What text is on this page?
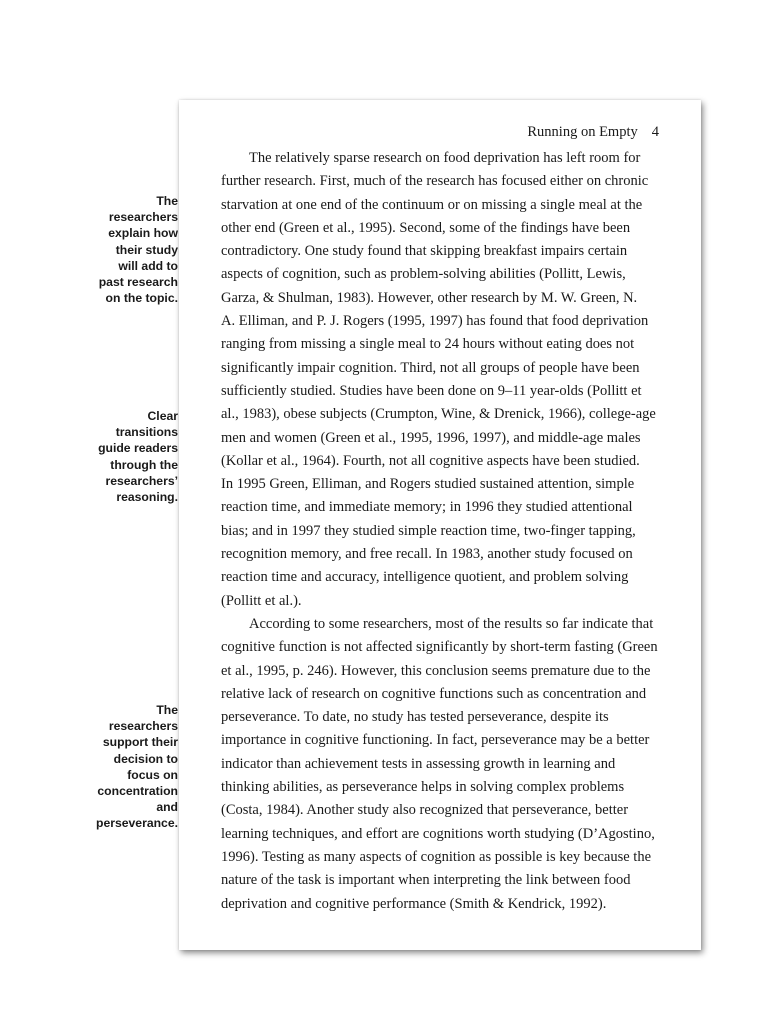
The
researchers
explain how
their study
will add to
past research
on the topic.
Clear
transitions
guide readers
through the
researchers’
reasoning.
The
researchers
support their
decision to
focus on
concentration
and
perseverance.
Running on Empty 4
The relatively sparse research on food deprivation has left room for
further research. First, much of the research has focused either on chronic
starvation at one end of the continuum or on missing a single meal at the
other end (Green et al., 1995). Second, some of the findings have been
contradictory. One study found that skipping breakfast impairs certain
aspects of cognition, such as problem-solving abilities (Pollitt, Lewis,
Garza, & Shulman, 1983). However, other research by M. W. Green, N.
A. Elliman, and P. J. Rogers (1995, 1997) has found that food deprivation
ranging from missing a single meal to 24 hours without eating does not
significantly impair cognition. Third, not all groups of people have been
sufficiently studied. Studies have been done on 9–11 year-olds (Pollitt et
al., 1983), obese subjects (Crumpton, Wine, & Drenick, 1966), college-age
men and women (Green et al., 1995, 1996, 1997), and middle-age males
(Kollar et al., 1964). Fourth, not all cognitive aspects have been studied.
In 1995 Green, Elliman, and Rogers studied sustained attention, simple
reaction time, and immediate memory; in 1996 they studied attentional
bias; and in 1997 they studied simple reaction time, two-finger tapping,
recognition memory, and free recall. In 1983, another study focused on
reaction time and accuracy, intelligence quotient, and problem solving
(Pollitt et al.).
According to some researchers, most of the results so far indicate that
cognitive function is not affected significantly by short-term fasting (Green
et al., 1995, p. 246). However, this conclusion seems premature due to the
relative lack of research on cognitive functions such as concentration and
perseverance. To date, no study has tested perseverance, despite its
importance in cognitive functioning. In fact, perseverance may be a better
indicator than achievement tests in assessing growth in learning and
thinking abilities, as perseverance helps in solving complex problems
(Costa, 1984). Another study also recognized that perseverance, better
learning techniques, and effort are cognitions worth studying (D’Agostino,
1996). Testing as many aspects of cognition as possible is key because the
nature of the task is important when interpreting the link between food
deprivation and cognitive performance (Smith & Kendrick, 1992).
